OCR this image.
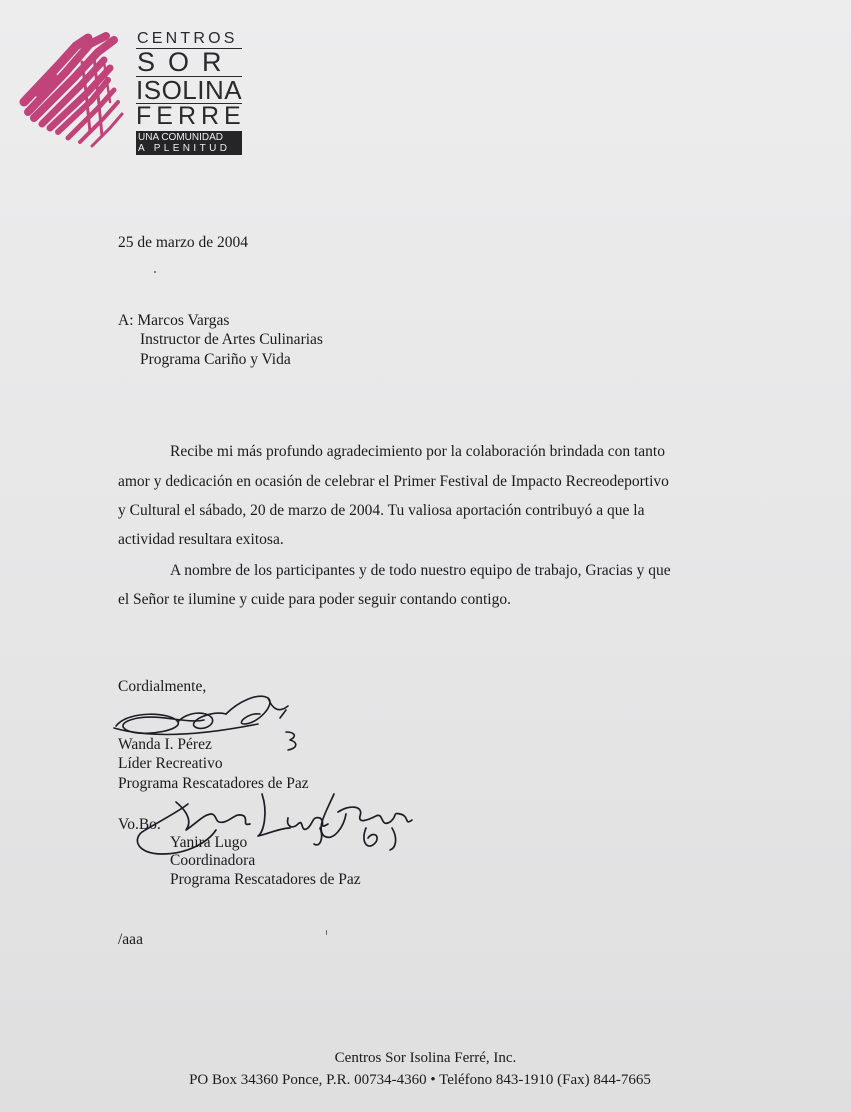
CENTROS
SOR
ISOLINA
FERRE
UNA COMUNIDAD
A PLENITUD
25 de marzo de 2004
A: Marcos Vargas
Instructor de Artes Culinarias
Programa Cariño y Vida
Recibe mi más profundo agradecimiento por la colaboración brindada con tanto
amor y dedicación en ocasión de celebrar el Primer Festival de Impacto Recreodeportivo
y Cultural el sábado, 20 de marzo de 2004. Tu valiosa aportación contribuyó a que la
actividad resultara exitosa.
A nombre de los participantes y de todo nuestro equipo de trabajo, Gracias y que
el Señor te ilumine y cuide para poder seguir contando contigo.
Cordialmente,
Wanda I. Pérez
Líder Recreativo
Programa Rescatadores de Paz
Vo.Bo.
Yanira Lugo
Coordinadora
Programa Rescatadores de Paz
/aaa
Centros Sor Isolina Ferré, Inc.
PO Box 34360 Ponce, P.R. 00734-4360 • Teléfono 843-1910 (Fax) 844-7665
